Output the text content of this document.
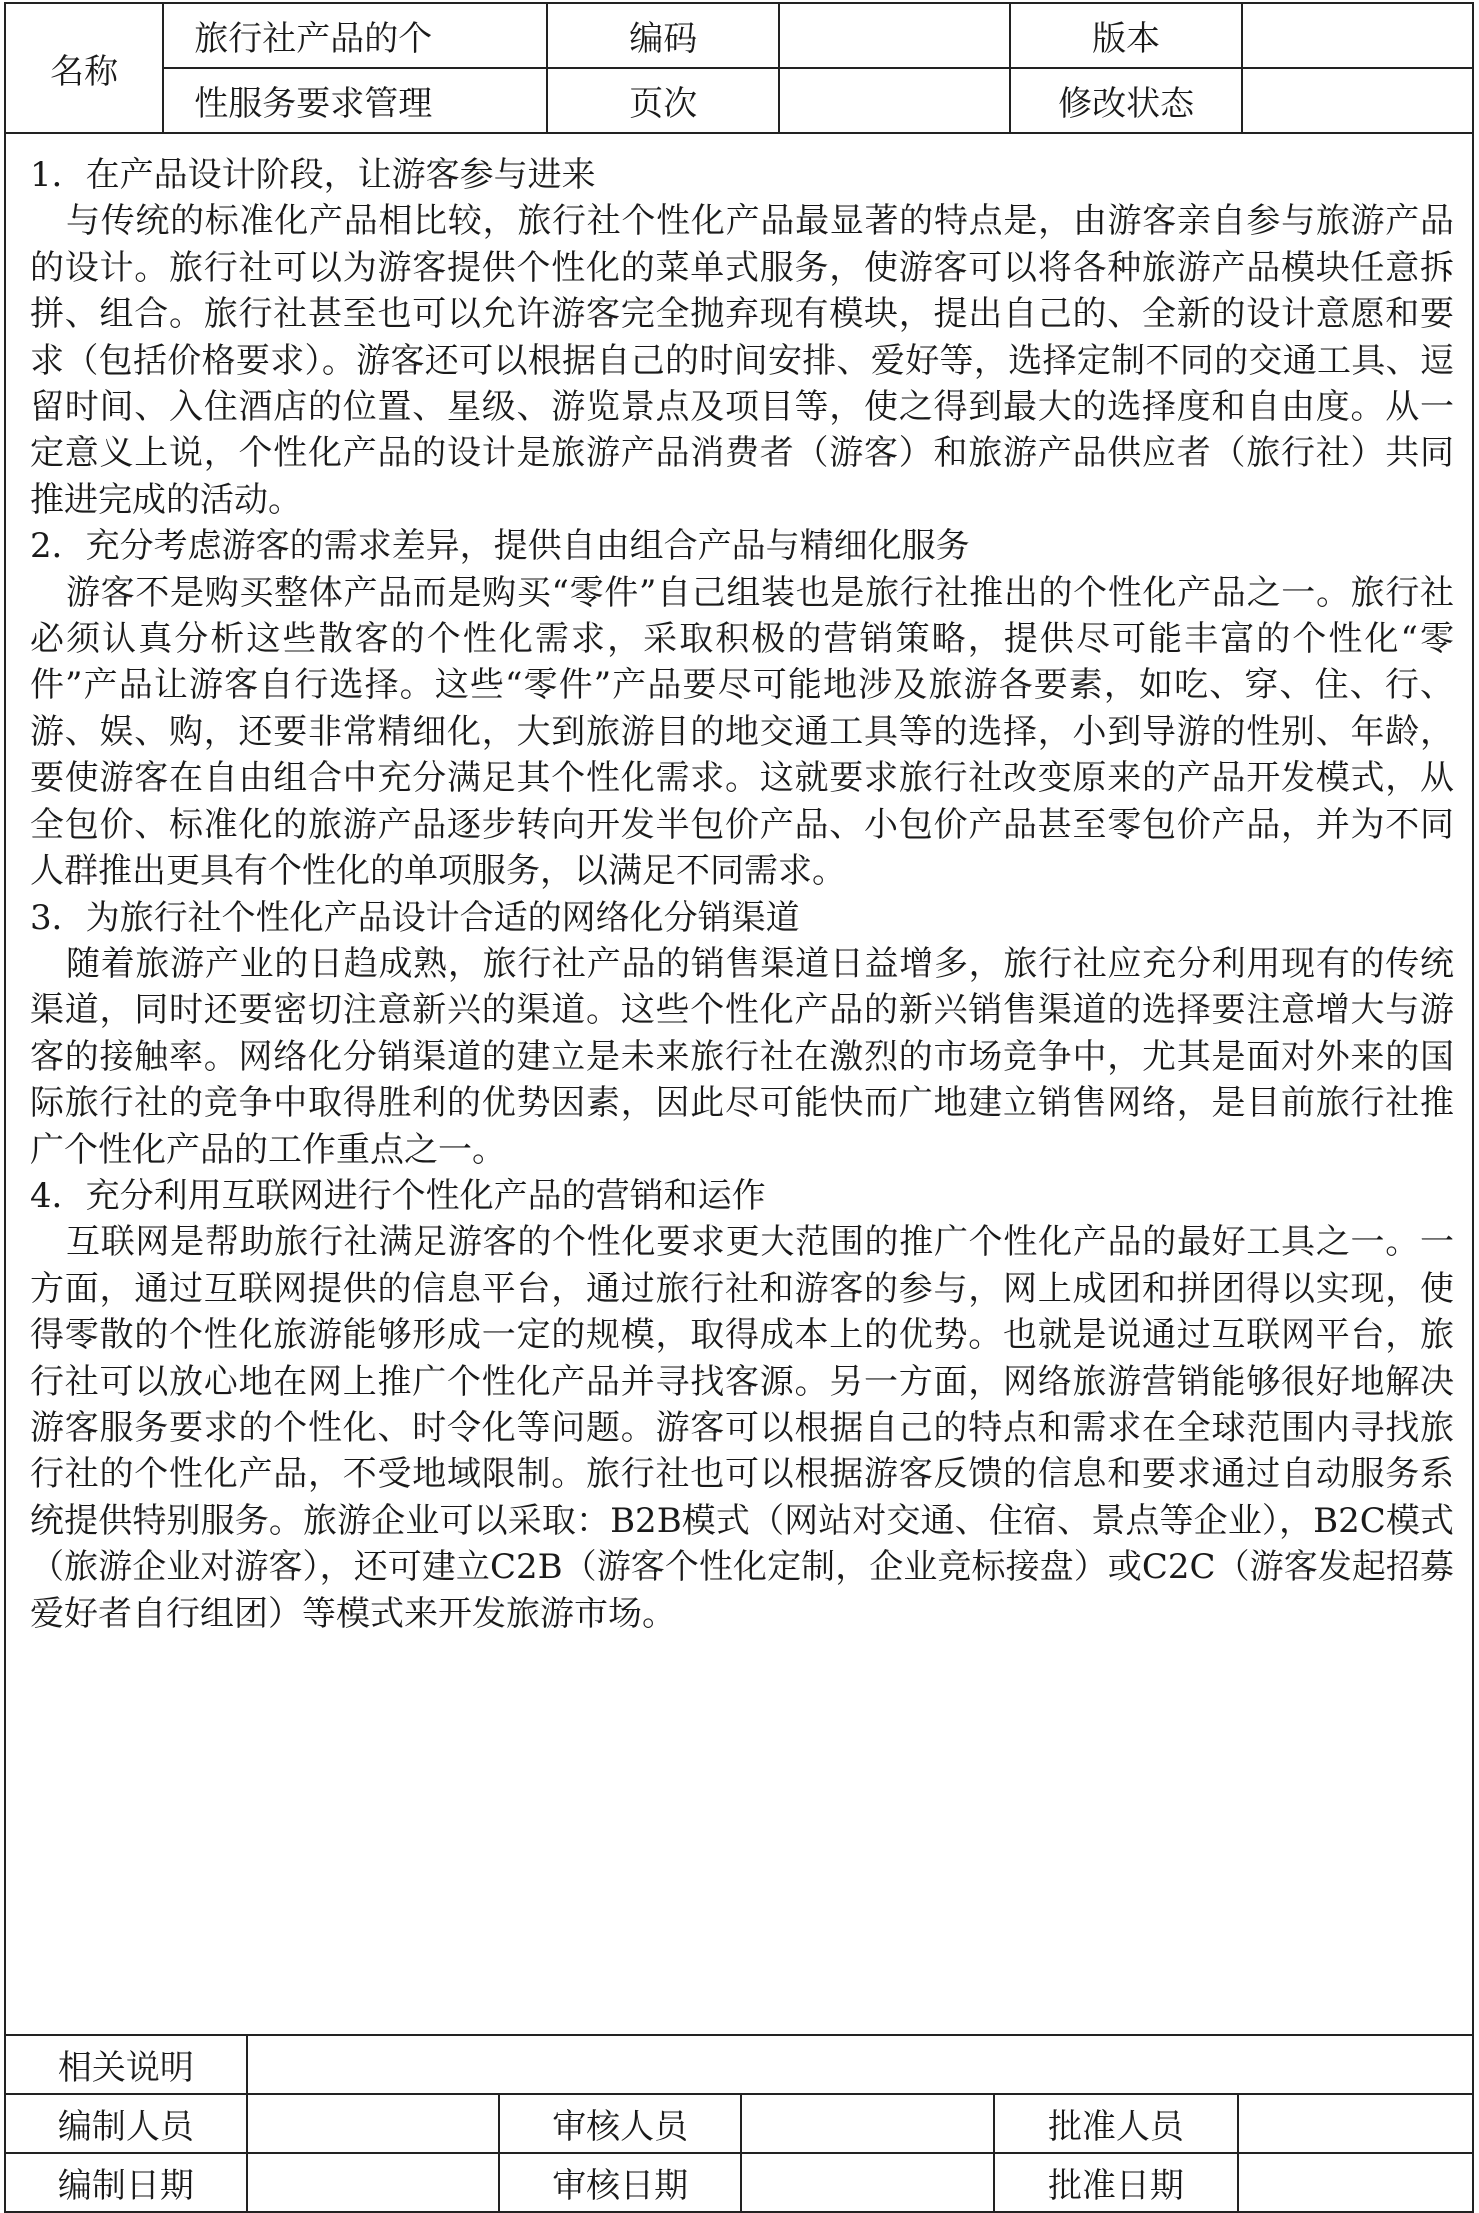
名称	旅行社产品的个	编码		版本	
	性服务要求管理	页次		修改状态	

1．在产品设计阶段，让游客参与进来

与传统的标准化产品相比较，旅行社个性化产品最显著的特点是，由游客亲自参与旅游产品的设计。旅行社可以为游客提供个性化的菜单式服务，使游客可以将各种旅游产品模块任意拆拼、组合。旅行社甚至也可以允许游客完全抛弃现有模块，提出自己的、全新的设计意愿和要求（包括价格要求）。游客还可以根据自己的时间安排、爱好等，选择定制不同的交通工具、逗留时间、入住酒店的位置、星级、游览景点及项目等，使之得到最大的选择度和自由度。从一定意义上说，个性化产品的设计是旅游产品消费者（游客）和旅游产品供应者（旅行社）共同推进完成的活动。

2．充分考虑游客的需求差异，提供自由组合产品与精细化服务

游客不是购买整体产品而是购买“零件”自己组装也是旅行社推出的个性化产品之一。旅行社必须认真分析这些散客的个性化需求，采取积极的营销策略，提供尽可能丰富的个性化“零件”产品让游客自行选择。这些“零件”产品要尽可能地涉及旅游各要素，如吃、穿、住、行、游、娱、购，还要非常精细化，大到旅游目的地交通工具等的选择，小到导游的性别、年龄，要使游客在自由组合中充分满足其个性化需求。这就要求旅行社改变原来的产品开发模式，从全包价、标准化的旅游产品逐步转向开发半包价产品、小包价产品甚至零包价产品，并为不同人群推出更具有个性化的单项服务，以满足不同需求。

3．为旅行社个性化产品设计合适的网络化分销渠道

随着旅游产业的日趋成熟，旅行社产品的销售渠道日益增多，旅行社应充分利用现有的传统渠道，同时还要密切注意新兴的渠道。这些个性化产品的新兴销售渠道的选择要注意增大与游客的接触率。网络化分销渠道的建立是未来旅行社在激烈的市场竞争中，尤其是面对外来的国际旅行社的竞争中取得胜利的优势因素，因此尽可能快而广地建立销售网络，是目前旅行社推广个性化产品的工作重点之一。

4．充分利用互联网进行个性化产品的营销和运作

互联网是帮助旅行社满足游客的个性化要求更大范围的推广个性化产品的最好工具之一。一方面，通过互联网提供的信息平台，通过旅行社和游客的参与，网上成团和拼团得以实现，使得零散的个性化旅游能够形成一定的规模，取得成本上的优势。也就是说通过互联网平台，旅行社可以放心地在网上推广个性化产品并寻找客源。另一方面，网络旅游营销能够很好地解决游客服务要求的个性化、时令化等问题。游客可以根据自己的特点和需求在全球范围内寻找旅行社的个性化产品，不受地域限制。旅行社也可以根据游客反馈的信息和要求通过自动服务系统提供特别服务。旅游企业可以采取：B2B模式（网站对交通、住宿、景点等企业），B2C模式（旅游企业对游客），还可建立C2B（游客个性化定制，企业竞标接盘）或C2C（游客发起招募爱好者自行组团）等模式来开发旅游市场。

相关说明					
编制人员		审核人员		批准人员	
编制日期		审核日期		批准日期	
